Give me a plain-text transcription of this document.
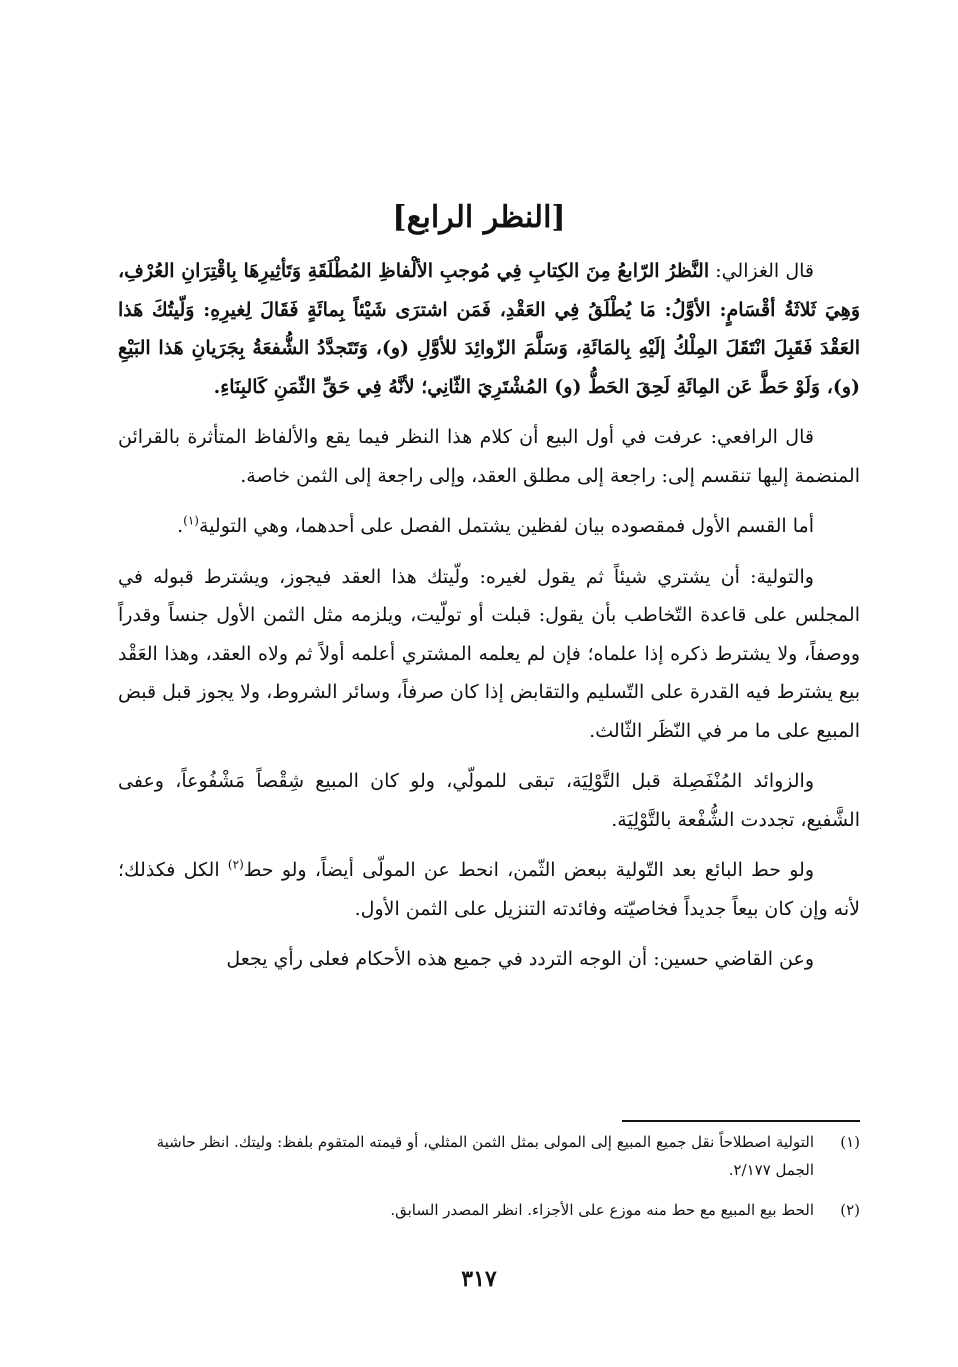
[النظر الرابع]

قال الغزالي: النَّظرُ الرّابعُ مِنَ الكِتابِ فِي مُوجبِ الألْفاظِ المُطْلَقَةِ وَتَأثِيرِهَا بِاقْتِرَانِ العُرْفِ، وَهِيَ ثَلاثَةُ أقْسَامٍ: الأوَّلُ: مَا يُطْلَقُ فِي العَقْدِ، فَمَن اشترَى شَيْئاً بِمائَةٍ فَقَالَ لِغيرِهِ: وَلّيتُكَ هَذا العَقْدَ فَقَبِلَ انْتَقَلَ المِلْكُ إلَيْهِ بِالمَائَةِ، وَسَلَّمَ الزّوائِدَ للأوَّلِ (و)، وَتَتَجدَّدُ الشُّفعَةُ بِجَرَيانِ هَذا البَيْعِ (و)، وَلَوْ حَطَّ عَن المِائَةِ لَحِقَ الحَطُّ (و) المُشْتَرِيَ الثّانِي؛ لأنَّهُ فِي حَقِّ الثّمَنِ كَالبِنَاءِ.

قال الرافعي: عرفت في أول البيع أن كلام هذا النظر فيما يقع والألفاظ المتأثرة بالقرائن المنضمة إليها تنقسم إلى: راجعة إلى مطلق العقد، وإلى راجعة إلى الثمن خاصة.

أما القسم الأول فمقصوده بيان لفظين يشتمل الفصل على أحدهما، وهي التولية$^{(١)}$.

والتولية: أن يشتري شيئاً ثم يقول لغيره: ولّيتك هذا العقد فيجوز، ويشترط قبوله في المجلس على قاعدة التّخاطب بأن يقول: قبلت أو تولّيت، ويلزمه مثل الثمن الأول جنساً وقدراً ووصفاً، ولا يشترط ذكره إذا علماه؛ فإن لم يعلمه المشتري أعلمه أولاً ثم ولاه العقد، وهذا العَقْد بيع يشترط فيه القدرة على التّسليم والتقابض إذا كان صرفاً، وسائر الشروط، ولا يجوز قبل قبض المبيع على ما مر في النّظَر الثّالث.

والزوائد المُنْفَصِلة قبل التَّوْلِيَة، تبقى للمولّي، ولو كان المبيع شِقْصاً مَشْفُوعاً، وعفى الشَّفيع، تجددت الشُّفْعة بالتَّوْلِيَة.

ولو حط البائع بعد التّولية ببعض الثّمن، انحط عن المولّى أيضاً، ولو حط$^{(٢)}$ الكل فكذلك؛ لأنه وإن كان بيعاً جديداً فخاصيّته وفائدته التنزيل على الثمن الأول.

وعن القاضي حسين: أن الوجه التردد في جميع هذه الأحكام فعلى رأي يجعل

(١)
التولية اصطلاحاً نقل جميع المبيع إلى المولى بمثل الثمن المثلي، أو قيمته المتقوم بلفظ: وليتك. انظر حاشية الجمل ٢/١٧٧.
(٢)
الحط بيع المبيع مع حط منه موزع على الأجزاء. انظر المصدر السابق.
٣١٧
